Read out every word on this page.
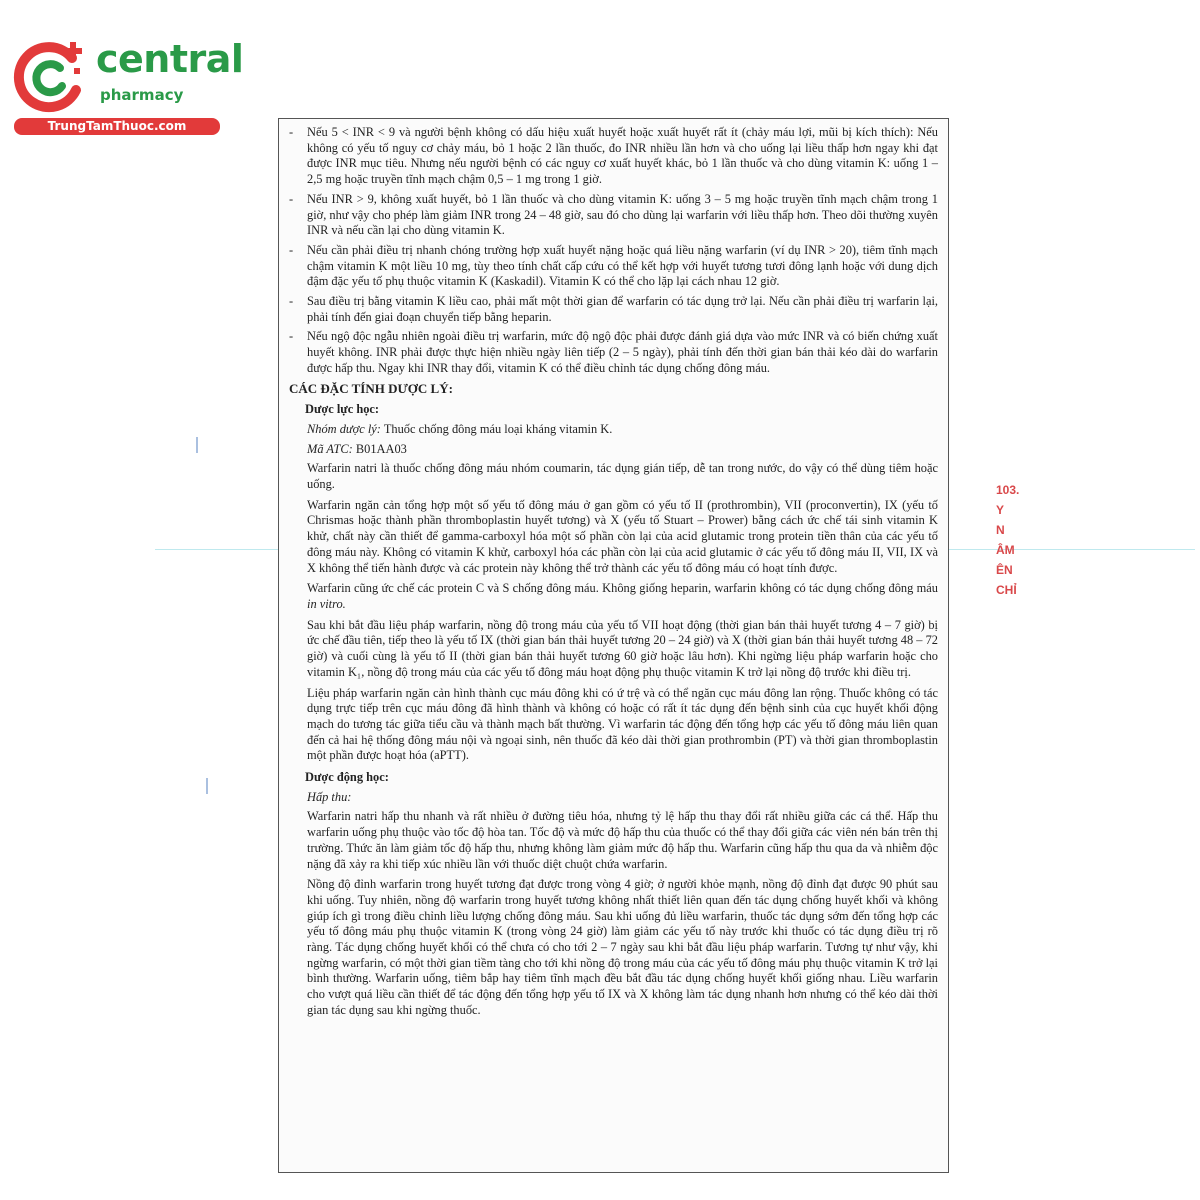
central
pharmacy
TrungTamThuoc.com
103.
Y
N
ÂM
ÊN
CHỈ
-	Nếu 5 < INR < 9 và người bệnh không có dấu hiệu xuất huyết hoặc xuất huyết rất ít (chảy máu lợi, mũi bị kích thích): Nếu không có yếu tố nguy cơ chảy máu, bỏ 1 hoặc 2 lần thuốc, đo INR nhiều lần hơn và cho uống lại liều thấp hơn ngay khi đạt được INR mục tiêu. Nhưng nếu người bệnh có các nguy cơ xuất huyết khác, bỏ 1 lần thuốc và cho dùng vitamin K: uống 1 – 2,5 mg hoặc truyền tĩnh mạch chậm 0,5 – 1 mg trong 1 giờ.
-	Nếu INR > 9, không xuất huyết, bỏ 1 lần thuốc và cho dùng vitamin K: uống 3 – 5 mg hoặc truyền tĩnh mạch chậm trong 1 giờ, như vậy cho phép làm giảm INR trong 24 – 48 giờ, sau đó cho dùng lại warfarin với liều thấp hơn. Theo dõi thường xuyên INR và nếu cần lại cho dùng vitamin K.
-	Nếu cần phải điều trị nhanh chóng trường hợp xuất huyết nặng hoặc quá liều nặng warfarin (ví dụ INR > 20), tiêm tĩnh mạch chậm vitamin K một liều 10 mg, tùy theo tính chất cấp cứu có thể kết hợp với huyết tương tươi đông lạnh hoặc với dung dịch đậm đặc yếu tố phụ thuộc vitamin K (Kaskadil). Vitamin K có thể cho lặp lại cách nhau 12 giờ.
-	Sau điều trị bằng vitamin K liều cao, phải mất một thời gian để warfarin có tác dụng trở lại. Nếu cần phải điều trị warfarin lại, phải tính đến giai đoạn chuyển tiếp bằng heparin.
-	Nếu ngộ độc ngẫu nhiên ngoài điều trị warfarin, mức độ ngộ độc phải được đánh giá dựa vào mức INR và có biến chứng xuất huyết không. INR phải được thực hiện nhiều ngày liên tiếp (2 – 5 ngày), phải tính đến thời gian bán thải kéo dài do warfarin được hấp thu. Ngay khi INR thay đổi, vitamin K có thể điều chỉnh tác dụng chống đông máu.
CÁC ĐẶC TÍNH DƯỢC LÝ:
Dược lực học:
Nhóm dược lý: Thuốc chống đông máu loại kháng vitamin K.
Mã ATC: B01AA03
Warfarin natri là thuốc chống đông máu nhóm coumarin, tác dụng gián tiếp, dễ tan trong nước, do vậy có thể dùng tiêm hoặc uống.
Warfarin ngăn cản tổng hợp một số yếu tố đông máu ở gan gồm có yếu tố II (prothrombin), VII (proconvertin), IX (yếu tố Chrismas hoặc thành phần thromboplastin huyết tương) và X (yếu tố Stuart – Prower) bằng cách ức chế tái sinh vitamin K khử, chất này cần thiết để gamma-carboxyl hóa một số phần còn lại của acid glutamic trong protein tiền thân của các yếu tố đông máu này. Không có vitamin K khử, carboxyl hóa các phần còn lại của acid glutamic ở các yếu tố đông máu II, VII, IX và X không thể tiến hành được và các protein này không thể trở thành các yếu tố đông máu có hoạt tính được.
Warfarin cũng ức chế các protein C và S chống đông máu. Không giống heparin, warfarin không có tác dụng chống đông máu in vitro.
Sau khi bắt đầu liệu pháp warfarin, nồng độ trong máu của yếu tố VII hoạt động (thời gian bán thải huyết tương 4 – 7 giờ) bị ức chế đầu tiên, tiếp theo là yếu tố IX (thời gian bán thải huyết tương 20 – 24 giờ) và X (thời gian bán thải huyết tương 48 – 72 giờ) và cuối cùng là yếu tố II (thời gian bán thải huyết tương 60 giờ hoặc lâu hơn). Khi ngừng liệu pháp warfarin hoặc cho vitamin K₁, nồng độ trong máu của các yếu tố đông máu hoạt động phụ thuộc vitamin K trở lại nồng độ trước khi điều trị.
Liệu pháp warfarin ngăn cản hình thành cục máu đông khi có ứ trệ và có thể ngăn cục máu đông lan rộng. Thuốc không có tác dụng trực tiếp trên cục máu đông đã hình thành và không có hoặc có rất ít tác dụng đến bệnh sinh của cục huyết khối động mạch do tương tác giữa tiểu cầu và thành mạch bất thường. Vì warfarin tác động đến tổng hợp các yếu tố đông máu liên quan đến cả hai hệ thống đông máu nội và ngoại sinh, nên thuốc đã kéo dài thời gian prothrombin (PT) và thời gian thromboplastin một phần được hoạt hóa (aPTT).
Dược động học:
Hấp thu:
Warfarin natri hấp thu nhanh và rất nhiều ở đường tiêu hóa, nhưng tỷ lệ hấp thu thay đổi rất nhiều giữa các cá thể. Hấp thu warfarin uống phụ thuộc vào tốc độ hòa tan. Tốc độ và mức độ hấp thu của thuốc có thể thay đổi giữa các viên nén bán trên thị trường. Thức ăn làm giảm tốc độ hấp thu, nhưng không làm giảm mức độ hấp thu. Warfarin cũng hấp thu qua da và nhiễm độc nặng đã xảy ra khi tiếp xúc nhiều lần với thuốc diệt chuột chứa warfarin.
Nồng độ đỉnh warfarin trong huyết tương đạt được trong vòng 4 giờ; ở người khỏe mạnh, nồng độ đỉnh đạt được 90 phút sau khi uống. Tuy nhiên, nồng độ warfarin trong huyết tương không nhất thiết liên quan đến tác dụng chống huyết khối và không giúp ích gì trong điều chỉnh liều lượng chống đông máu. Sau khi uống đủ liều warfarin, thuốc tác dụng sớm đến tổng hợp các yếu tố đông máu phụ thuộc vitamin K (trong vòng 24 giờ) làm giảm các yếu tố này trước khi thuốc có tác dụng điều trị rõ ràng. Tác dụng chống huyết khối có thể chưa có cho tới 2 – 7 ngày sau khi bắt đầu liệu pháp warfarin. Tương tự như vậy, khi ngừng warfarin, có một thời gian tiềm tàng cho tới khi nồng độ trong máu của các yếu tố đông máu phụ thuộc vitamin K trở lại bình thường. Warfarin uống, tiêm bắp hay tiêm tĩnh mạch đều bắt đầu tác dụng chống huyết khối giống nhau. Liều warfarin cho vượt quá liều cần thiết để tác động đến tổng hợp yếu tố IX và X không làm tác dụng nhanh hơn nhưng có thể kéo dài thời gian tác dụng sau khi ngừng thuốc.
